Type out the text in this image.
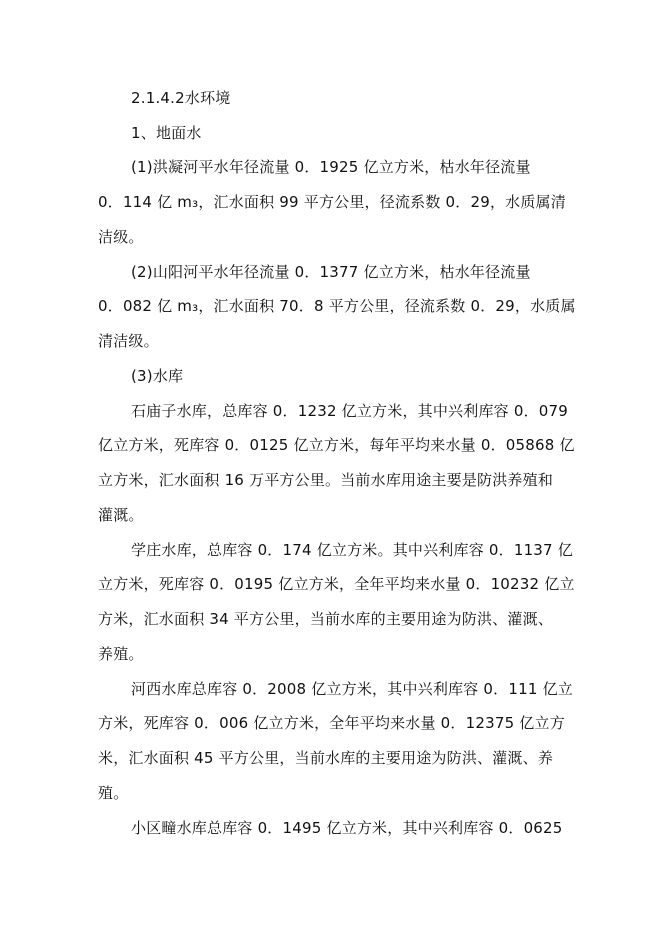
2.1.4.2水环境
1、地面水
(1)洪凝河平水年径流量 0．1925 亿立方米，枯水年径流量
0．114 亿 m₃，汇水面积 99 平方公里，径流系数 0．29，水质属清
洁级。
(2)山阳河平水年径流量 0．1377 亿立方米，枯水年径流量
0．082 亿 m₃，汇水面积 70．8 平方公里，径流系数 0．29，水质属
清洁级。
(3)水库
石庙子水库，总库容 0．1232 亿立方米，其中兴利库容 0．079
亿立方米，死库容 0．0125 亿立方米，每年平均来水量 0．05868 亿
立方米，汇水面积 16 万平方公里。当前水库用途主要是防洪养殖和
灌溉。
学庄水库，总库容 0．174 亿立方米。其中兴利库容 0．1137 亿
立方米，死库容 0．0195 亿立方米，全年平均来水量 0．10232 亿立
方米，汇水面积 34 平方公里，当前水库的主要用途为防洪、灌溉、
养殖。
河西水库总库容 0．2008 亿立方米，其中兴利库容 0．111 亿立
方米，死库容 0．006 亿立方米，全年平均来水量 0．12375 亿立方
米，汇水面积 45 平方公里，当前水库的主要用途为防洪、灌溉、养
殖。
小区疃水库总库容 0．1495 亿立方米，其中兴利库容 0．0625
